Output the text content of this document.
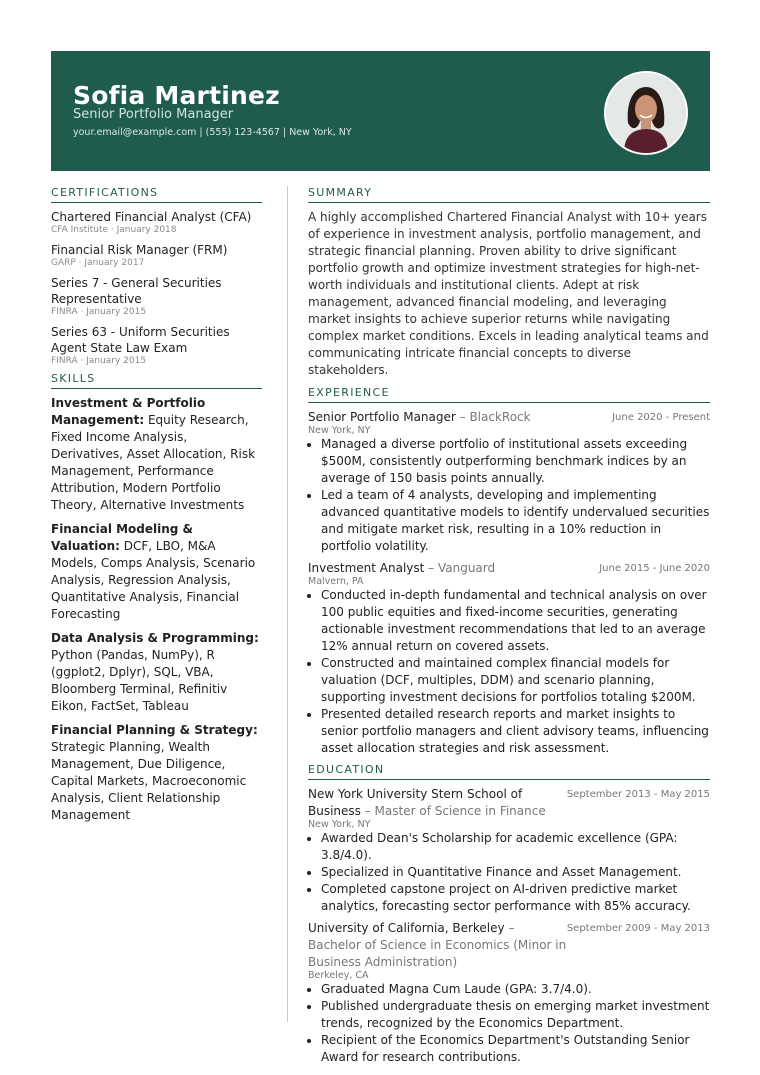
Sofia Martinez
Senior Portfolio Manager
your.email@example.com | (555) 123-4567 | New York, NY
CERTIFICATIONS
Chartered Financial Analyst (CFA)
CFA Institute · January 2018
Financial Risk Manager (FRM)
GARP · January 2017
Series 7 - General Securities Representative
FINRA · January 2015
Series 63 - Uniform Securities Agent State Law Exam
FINRA · January 2015
SKILLS
Investment & Portfolio Management: Equity Research, Fixed Income Analysis, Derivatives, Asset Allocation, Risk Management, Performance Attribution, Modern Portfolio Theory, Alternative Investments
Financial Modeling & Valuation: DCF, LBO, M&A Models, Comps Analysis, Scenario Analysis, Regression Analysis, Quantitative Analysis, Financial Forecasting
Data Analysis & Programming: Python (Pandas, NumPy), R (ggplot2, Dplyr), SQL, VBA, Bloomberg Terminal, Refinitiv Eikon, FactSet, Tableau
Financial Planning & Strategy: Strategic Planning, Wealth Management, Due Diligence, Capital Markets, Macroeconomic Analysis, Client Relationship Management
SUMMARY
A highly accomplished Chartered Financial Analyst with 10+ years of experience in investment analysis, portfolio management, and strategic financial planning. Proven ability to drive significant portfolio growth and optimize investment strategies for high-net-worth individuals and institutional clients. Adept at risk management, advanced financial modeling, and leveraging market insights to achieve superior returns while navigating complex market conditions. Excels in leading analytical teams and communicating intricate financial concepts to diverse stakeholders.
EXPERIENCE
Senior Portfolio Manager – BlackRock	June 2020 - Present
New York, NY
• Managed a diverse portfolio of institutional assets exceeding $500M, consistently outperforming benchmark indices by an average of 150 basis points annually.
• Led a team of 4 analysts, developing and implementing advanced quantitative models to identify undervalued securities and mitigate market risk, resulting in a 10% reduction in portfolio volatility.
Investment Analyst – Vanguard	June 2015 - June 2020
Malvern, PA
• Conducted in-depth fundamental and technical analysis on over 100 public equities and fixed-income securities, generating actionable investment recommendations that led to an average 12% annual return on covered assets.
• Constructed and maintained complex financial models for valuation (DCF, multiples, DDM) and scenario planning, supporting investment decisions for portfolios totaling $200M.
• Presented detailed research reports and market insights to senior portfolio managers and client advisory teams, influencing asset allocation strategies and risk assessment.
EDUCATION
New York University Stern School of Business – Master of Science in Finance
September 2013 - May 2015
New York, NY
• Awarded Dean's Scholarship for academic excellence (GPA: 3.8/4.0).
• Specialized in Quantitative Finance and Asset Management.
• Completed capstone project on AI-driven predictive market analytics, forecasting sector performance with 85% accuracy.
University of California, Berkeley – Bachelor of Science in Economics (Minor in Business Administration)
September 2009 - May 2013
Berkeley, CA
• Graduated Magna Cum Laude (GPA: 3.7/4.0).
• Published undergraduate thesis on emerging market investment trends, recognized by the Economics Department.
• Recipient of the Economics Department's Outstanding Senior Award for research contributions.
